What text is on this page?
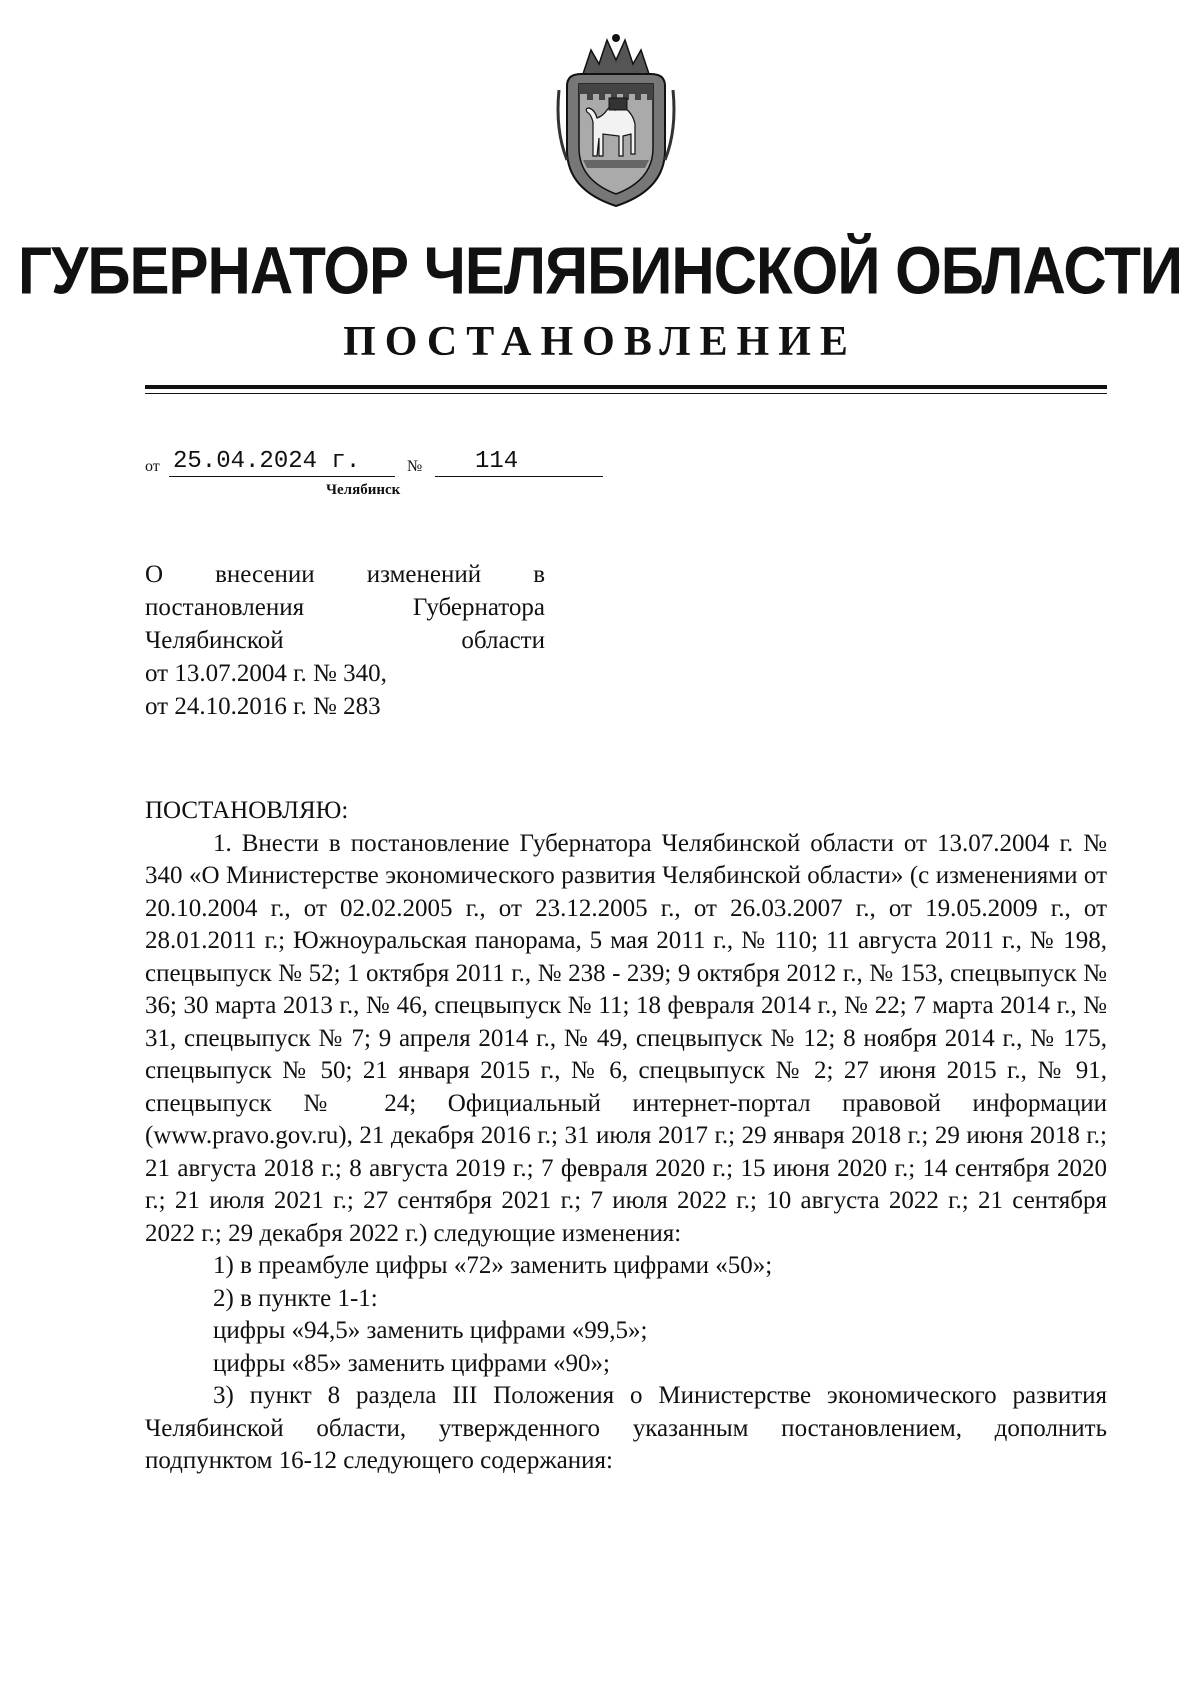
ГУБЕРНАТОР ЧЕЛЯБИНСКОЙ ОБЛАСТИ
ПОСТАНОВЛЕНИЕ
от 25.04.2024 г.	№	114
Челябинск
О внесении изменений в
постановления	Губернатора
Челябинской	области
от 13.07.2004 г. № 340,
от 24.10.2016 г. № 283
ПОСТАНОВЛЯЮ:
1. Внести в постановление Губернатора Челябинской области от 13.07.2004 г. № 340 «О Министерстве экономического развития Челябинской области» (с изменениями от 20.10.2004 г., от 02.02.2005 г., от 23.12.2005 г., от 26.03.2007 г., от 19.05.2009 г., от 28.01.2011 г.; Южноуральская панорама, 5 мая 2011 г., № 110; 11 августа 2011 г., № 198, спецвыпуск № 52; 1 октября 2011 г., № 238 - 239; 9 октября 2012 г., № 153, спецвыпуск № 36; 30 марта 2013 г., № 46, спецвыпуск № 11; 18 февраля 2014 г., № 22; 7 марта 2014 г., № 31, спецвыпуск № 7; 9 апреля 2014 г., № 49, спецвыпуск № 12; 8 ноября 2014 г., № 175, спецвыпуск № 50; 21 января 2015 г., № 6, спецвыпуск № 2; 27 июня 2015 г., № 91, спецвыпуск № 24; Официальный интернет-портал правовой информации (www.pravo.gov.ru), 21 декабря 2016 г.; 31 июля 2017 г.; 29 января 2018 г.; 29 июня 2018 г.; 21 августа 2018 г.; 8 августа 2019 г.; 7 февраля 2020 г.; 15 июня 2020 г.; 14 сентября 2020 г.; 21 июля 2021 г.; 27 сентября 2021 г.; 7 июля 2022 г.; 10 августа 2022 г.; 21 сентября 2022 г.; 29 декабря 2022 г.) следующие изменения:
1) в преамбуле цифры «72» заменить цифрами «50»;
2) в пункте 1-1:
цифры «94,5» заменить цифрами «99,5»;
цифры «85» заменить цифрами «90»;
3) пункт 8 раздела III Положения о Министерстве экономического развития Челябинской области, утвержденного указанным постановлением, дополнить подпунктом 16-12 следующего содержания:
